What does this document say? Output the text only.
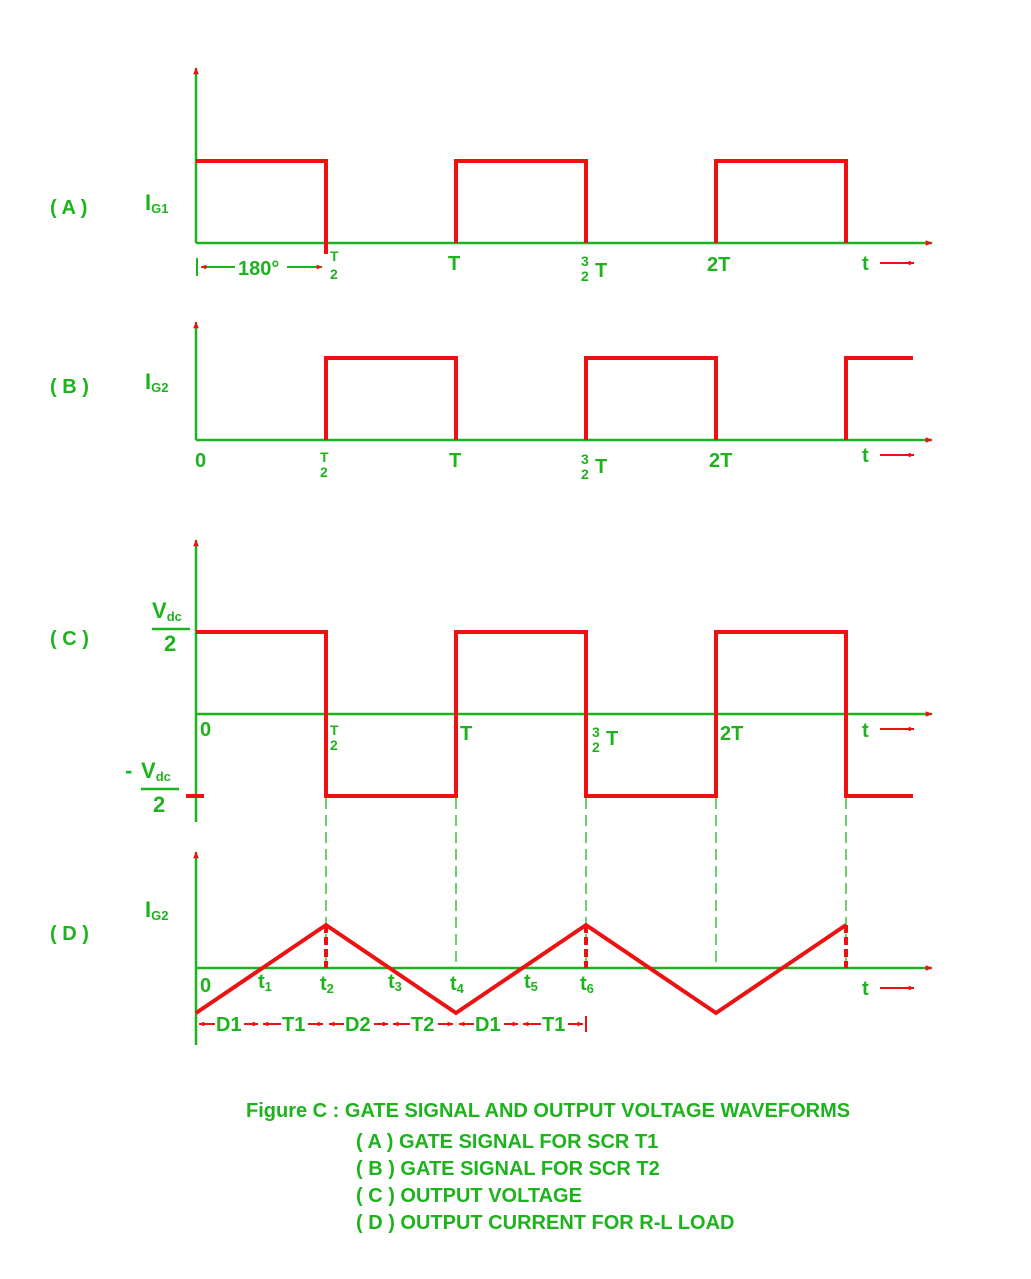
( A )	IG1
180°
T
2	T	3
2 T	2T	t
( B )	IG2
0	T
2	T	3
2 T	2T	t
( C )
Vdc
2
- Vdc
2
0	T
2	T	3
2 T	2T	t
( D )
IG2
0 t1 t2	t3 t4	t5 t6	t
D1 T1 D2 T2 D1 T1
Figure C : GATE SIGNAL AND OUTPUT VOLTAGE WAVEFORMS
( A ) GATE SIGNAL FOR SCR T1
( B ) GATE SIGNAL FOR SCR T2
( C ) OUTPUT VOLTAGE
( D ) OUTPUT CURRENT FOR R-L LOAD
